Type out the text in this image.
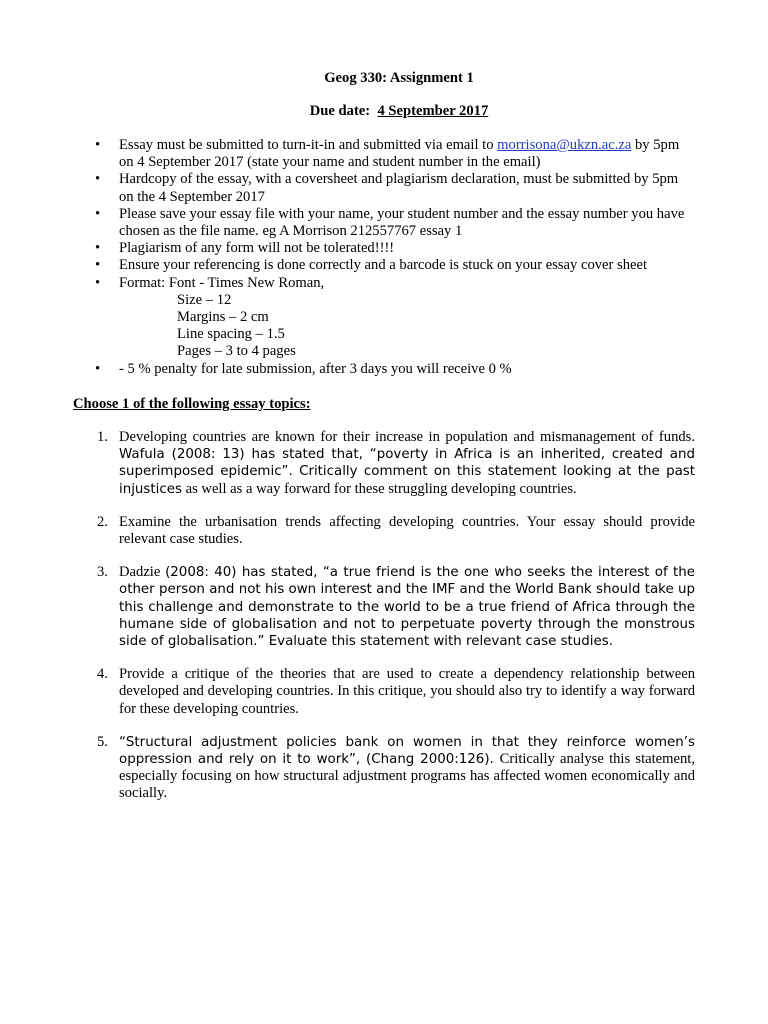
Geog 330: Assignment 1
Due date: 4 September 2017
• Essay must be submitted to turn-it-in and submitted via email to morrisona@ukzn.ac.za by 5pm on 4 September 2017 (state your name and student number in the email)
• Hardcopy of the essay, with a coversheet and plagiarism declaration, must be submitted by 5pm on the 4 September 2017
• Please save your essay file with your name, your student number and the essay number you have chosen as the file name. eg A Morrison 212557767 essay 1
• Plagiarism of any form will not be tolerated!!!!
• Ensure your referencing is done correctly and a barcode is stuck on your essay cover sheet
• Format: Font - Times New Roman,
Size – 12
Margins – 2 cm
Line spacing – 1.5
Pages – 3 to 4 pages
• - 5 % penalty for late submission, after 3 days you will receive 0 %
Choose 1 of the following essay topics:
1. Developing countries are known for their increase in population and mismanagement of funds. Wafula (2008: 13) has stated that, “poverty in Africa is an inherited, created and superimposed epidemic”. Critically comment on this statement looking at the past injustices as well as a way forward for these struggling developing countries.
2. Examine the urbanisation trends affecting developing countries. Your essay should provide relevant case studies.
3. Dadzie (2008: 40) has stated, “a true friend is the one who seeks the interest of the other person and not his own interest and the IMF and the World Bank should take up this challenge and demonstrate to the world to be a true friend of Africa through the humane side of globalisation and not to perpetuate poverty through the monstrous side of globalisation.” Evaluate this statement with relevant case studies.
4. Provide a critique of the theories that are used to create a dependency relationship between developed and developing countries. In this critique, you should also try to identify a way forward for these developing countries.
5. “Structural adjustment policies bank on women in that they reinforce women’s oppression and rely on it to work”, (Chang 2000:126). Critically analyse this statement, especially focusing on how structural adjustment programs has affected women economically and socially.
